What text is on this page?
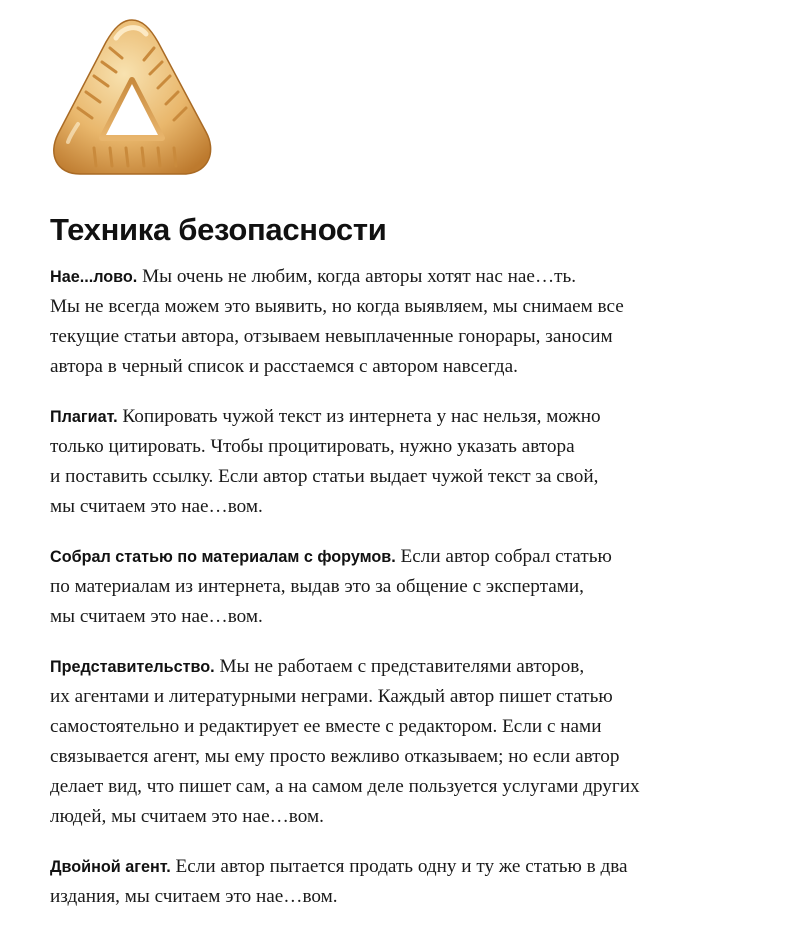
Техника безопасности

Нае...лово. Мы очень не любим, когда авторы хотят нас нае…ть.
Мы не всегда можем это выявить, но когда выявляем, мы снимаем все
текущие статьи автора, отзываем невыплаченные гонорары, заносим
автора в черный список и расстаемся с автором навсегда.

Плагиат. Копировать чужой текст из интернета у нас нельзя, можно
только цитировать. Чтобы процитировать, нужно указать автора
и поставить ссылку. Если автор статьи выдает чужой текст за свой,
мы считаем это нае…вом.

Собрал статью по материалам с форумов. Если автор собрал статью
по материалам из интернета, выдав это за общение с экспертами,
мы считаем это нае…вом.

Представительство. Мы не работаем с представителями авторов,
их агентами и литературными неграми. Каждый автор пишет статью
самостоятельно и редактирует ее вместе с редактором. Если с нами
связывается агент, мы ему просто вежливо отказываем; но если автор
делает вид, что пишет сам, а на самом деле пользуется услугами других
людей, мы считаем это нае…вом.

Двойной агент. Если автор пытается продать одну и ту же статью в два
издания, мы считаем это нае…вом.
